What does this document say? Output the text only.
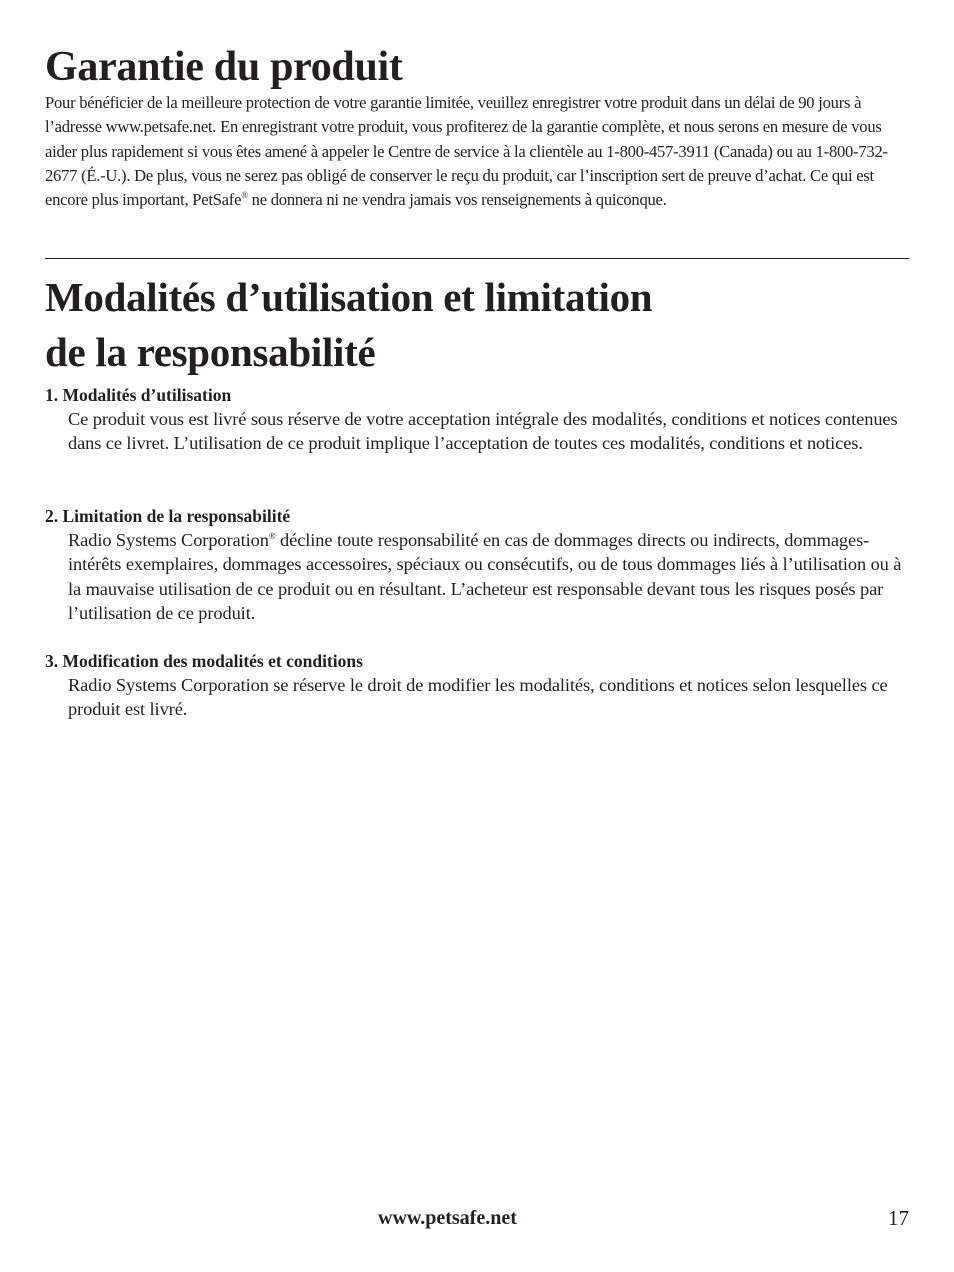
Garantie du produit

Pour bénéficier de la meilleure protection de votre garantie limitée, veuillez enregistrer votre produit dans un délai de 90 jours à l’adresse www.petsafe.net. En enregistrant votre produit, vous profiterez de la garantie complète, et nous serons en mesure de vous aider plus rapidement si vous êtes amené à appeler le Centre de service à la clientèle au 1-800-457-3911 (Canada) ou au 1-800-732-2677 (É.-U.). De plus, vous ne serez pas obligé de conserver le reçu du produit, car l’inscription sert de preuve d’achat. Ce qui est encore plus important, PetSafe® ne donnera ni ne vendra jamais vos renseignements à quiconque.

Modalités d’utilisation et limitation
de la responsabilité
1. Modalités d’utilisation

Ce produit vous est livré sous réserve de votre acceptation intégrale des modalités, conditions et notices contenues dans ce livret. L’utilisation de ce produit implique l’acceptation de toutes ces modalités, conditions et notices.

2. Limitation de la responsabilité

Radio Systems Corporation® décline toute responsabilité en cas de dommages directs ou indirects, dommages-intérêts exemplaires, dommages accessoires, spéciaux ou consécutifs, ou de tous dommages liés à l’utilisation ou à la mauvaise utilisation de ce produit ou en résultant. L’acheteur est responsable devant tous les risques posés par l’utilisation de ce produit.

3. Modification des modalités et conditions

Radio Systems Corporation se réserve le droit de modifier les modalités, conditions et notices selon lesquelles ce produit est livré.

www.petsafe.net	17
